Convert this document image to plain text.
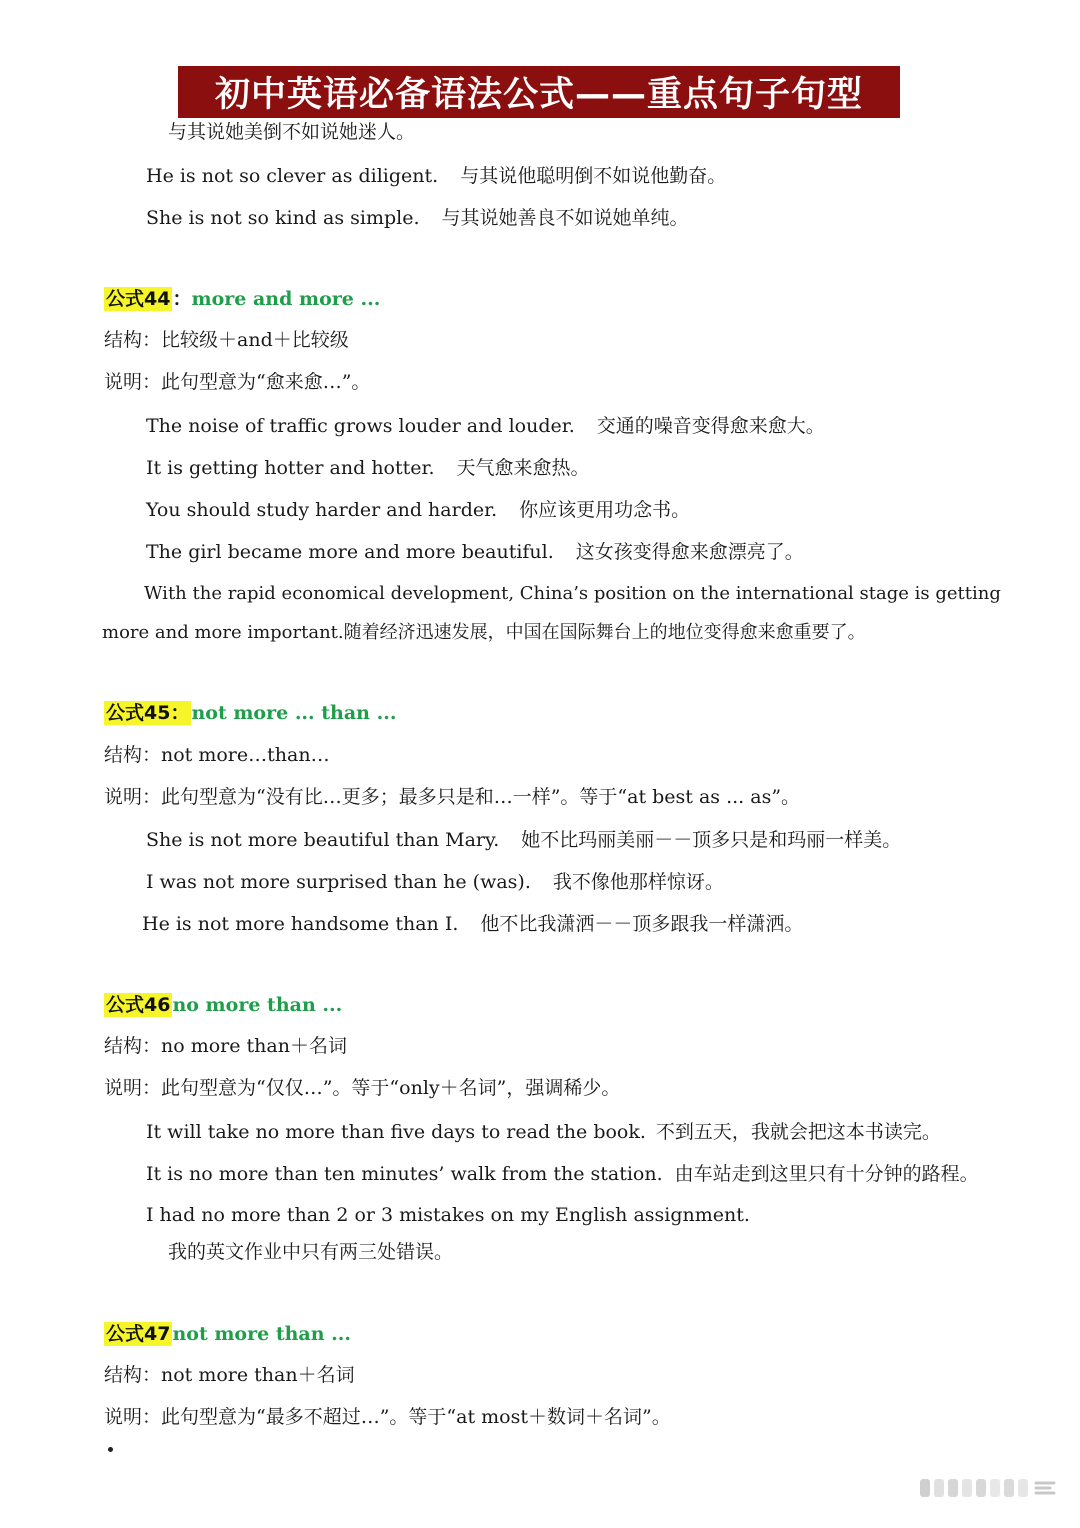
初中英语必备语法公式——重点句子句型
与其说她美倒不如说她迷人。
He is not so clever as diligent. 与其说他聪明倒不如说他勤奋。
She is not so kind as simple. 与其说她善良不如说她单纯。
公式44 ：more and more ...
结构：比较级＋and＋比较级
说明：此句型意为“愈来愈…”。
The noise of traffic grows louder and louder. 交通的噪音变得愈来愈大。
It is getting hotter and hotter. 天气愈来愈热。
You should study harder and harder. 你应该更用功念书。
The girl became more and more beautiful. 这女孩变得愈来愈漂亮了。
With the rapid economical development, China’s position on the international stage is getting
more and more important.随着经济迅速发展，中国在国际舞台上的地位变得愈来愈重要了。
公式45： not more ... than ...
结构：not more…than…
说明：此句型意为“没有比…更多；最多只是和…一样”。等于“at best as ... as”。
She is not more beautiful than Mary. 她不比玛丽美丽－－顶多只是和玛丽一样美。
I was not more surprised than he (was). 我不像他那样惊讶。
He is not more handsome than I. 他不比我潇洒－－顶多跟我一样潇洒。
公式46 no more than ...
结构：no more than＋名词
说明：此句型意为“仅仅…”。等于“only＋名词”，强调稀少。
It will take no more than five days to read the book. 不到五天，我就会把这本书读完。
It is no more than ten minutes’ walk from the station. 由车站走到这里只有十分钟的路程。
I had no more than 2 or 3 mistakes on my English assignment.
我的英文作业中只有两三处错误。
公式47 not more than ...
结构：not more than＋名词
说明：此句型意为“最多不超过…”。等于“at most＋数词＋名词”。
